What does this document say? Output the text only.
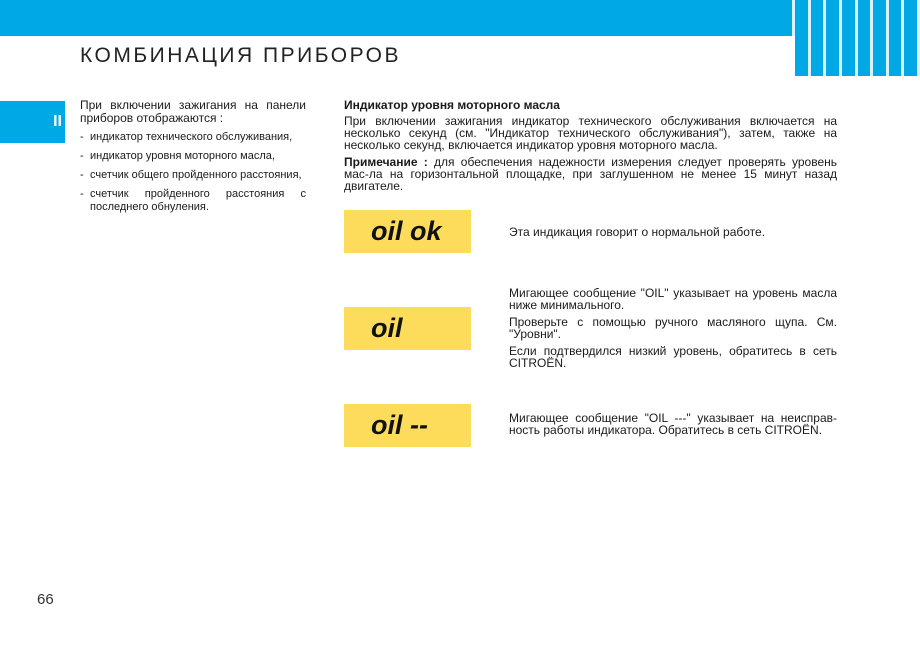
КОМБИНАЦИЯ ПРИБОРОВ
II

При включении зажигания на панели приборов отображаются :

- индикатор технического обслуживания,
- индикатор уровня моторного масла,
- счетчик общего пройденного расстояния,
- счетчик пройденного расстояния с последнего обнуления.
Индикатор уровня моторного масла

При включении зажигания индикатор технического обслуживания включается на несколько секунд (см. "Индикатор технического обслуживания"), затем, также на несколько секунд, включается индикатор уровня моторного масла.

Примечание : для обеспечения надежности измерения следует проверять уровень мас-ла на горизонтальной площадке, при заглушенном не менее 15 минут назад двигателе.

oil ok	Эта индикация говорит о нормальной работе.

oil

Мигающее сообщение "OIL" указывает на уровень масла ниже минимального.

Проверьте с помощью ручного масляного щупа. См. "Уровни".

Если подтвердился низкий уровень, обратитесь в сеть CITROËN.

oil --	Мигающее сообщение "OIL ---" указывает на неисправ-ность работы индикатора. Обратитесь в сеть CITROËN.

66
